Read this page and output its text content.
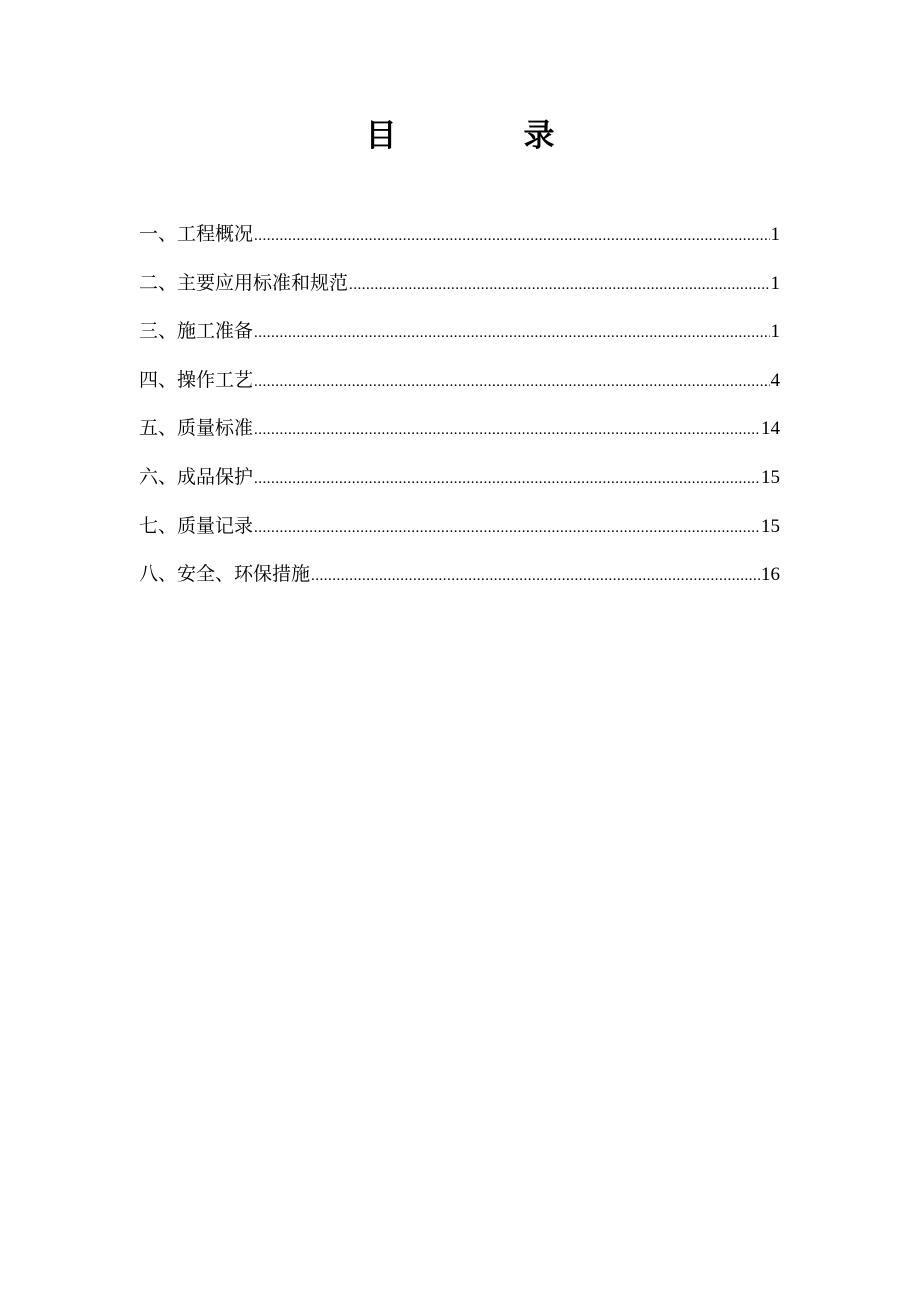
目　录
一、工程概况 .....	1
二、主要应用标准和规范 .....	1
三、施工准备 .....	1
四、操作工艺 .....	4
五、质量标准 .....	14
六、成品保护 .....	15
七、质量记录 .....	15
八、安全、环保措施 .....	16
